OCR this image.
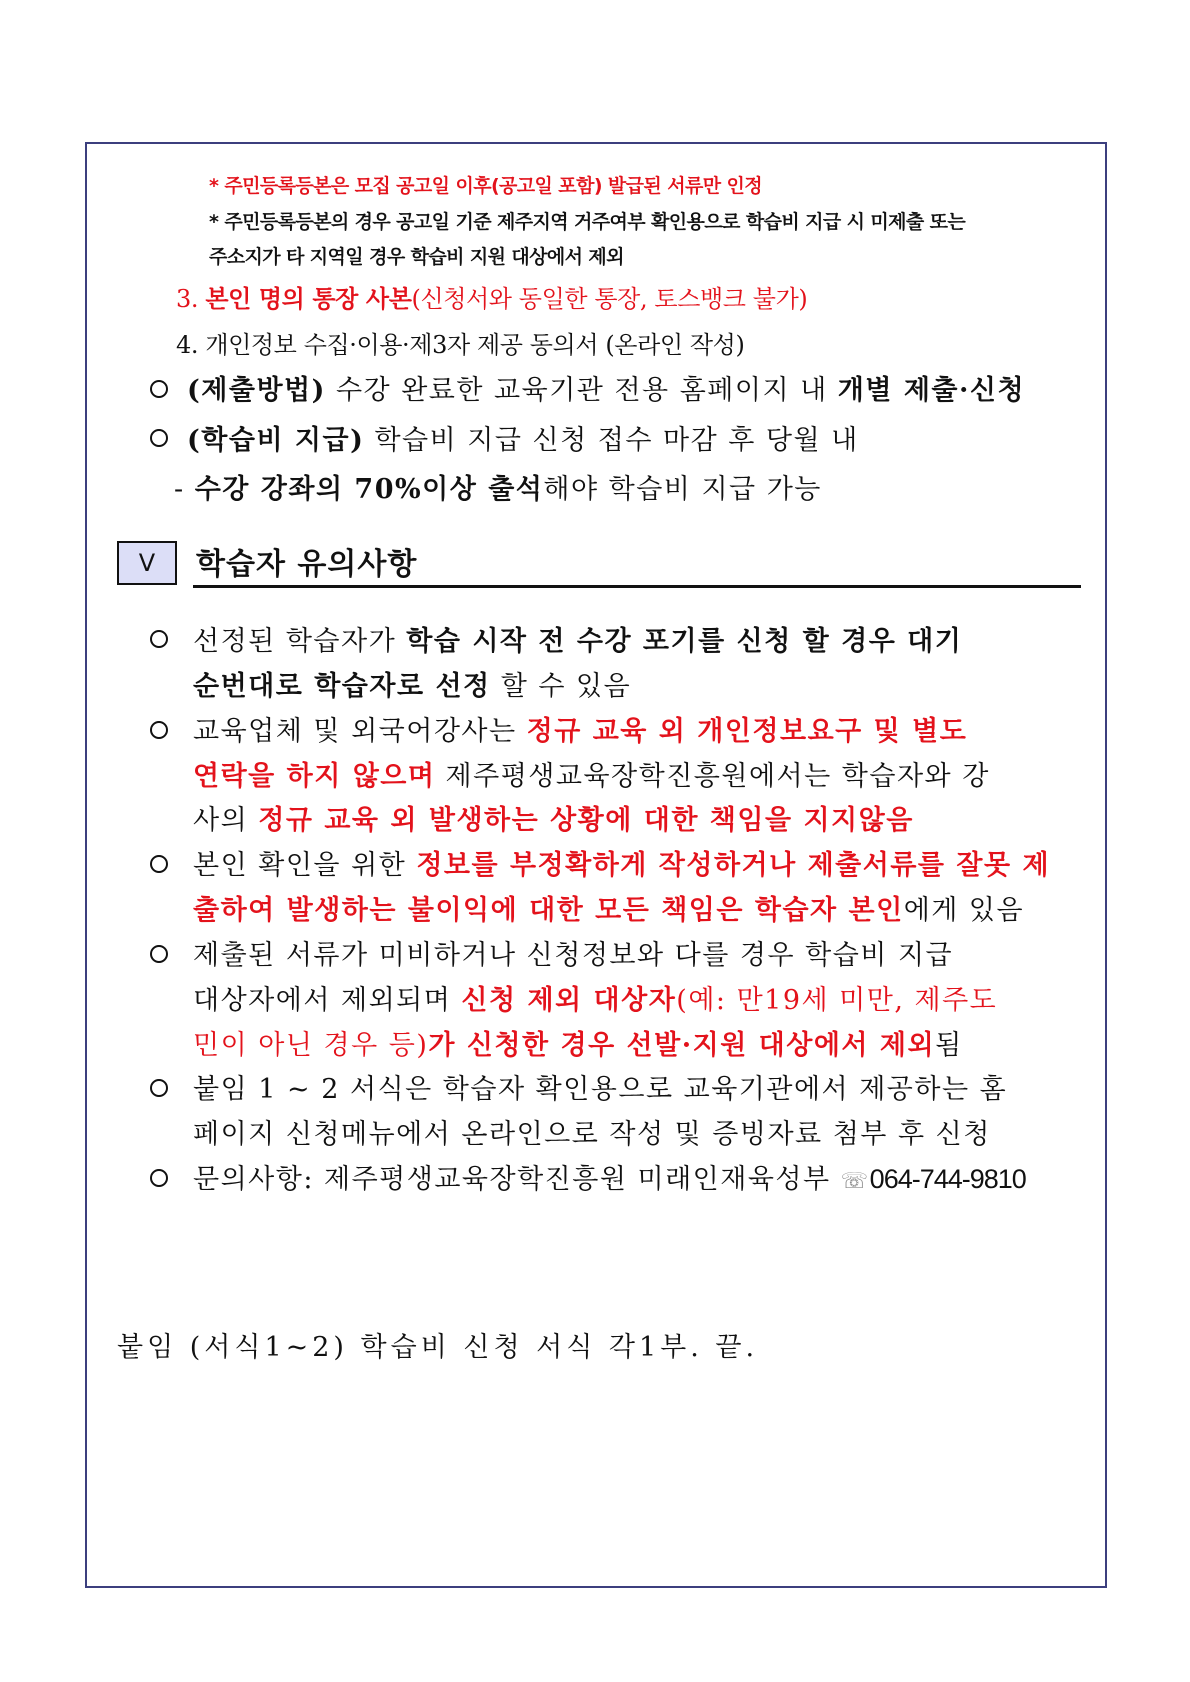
* 주민등록등본은 모집 공고일 이후(공고일 포함) 발급된 서류만 인정
* 주민등록등본의 경우 공고일 기준 제주지역 거주여부 확인용으로 학습비 지급 시 미제출 또는
주소지가 타 지역일 경우 학습비 지원 대상에서 제외
3. 본인 명의 통장 사본(신청서와 동일한 통장, 토스뱅크 불가)
4. 개인정보 수집·이용·제3자 제공 동의서 (온라인 작성)
(제출방법) 수강 완료한 교육기관 전용 홈페이지 내 개별 제출·신청
(학습비 지급) 학습비 지급 신청 접수 마감 후 당월 내
- 수강 강좌의 70%이상 출석해야 학습비 지급 가능
V	학습자 유의사항
선정된 학습자가 학습 시작 전 수강 포기를 신청 할 경우 대기
순번대로 학습자로 선정 할 수 있음
교육업체 및 외국어강사는 정규 교육 외 개인정보요구 및 별도
연락을 하지 않으며 제주평생교육장학진흥원에서는 학습자와 강
사의 정규 교육 외 발생하는 상황에 대한 책임을 지지않음
본인 확인을 위한 정보를 부정확하게 작성하거나 제출서류를 잘못 제
출하여 발생하는 불이익에 대한 모든 책임은 학습자 본인에게 있음
제출된 서류가 미비하거나 신청정보와 다를 경우 학습비 지급
대상자에서 제외되며 신청 제외 대상자(예: 만19세 미만, 제주도
민이 아닌 경우 등)가 신청한 경우 선발·지원 대상에서 제외됨
붙임 1 ~ 2 서식은 학습자 확인용으로 교육기관에서 제공하는 홈
페이지 신청메뉴에서 온라인으로 작성 및 증빙자료 첨부 후 신청
문의사항: 제주평생교육장학진흥원 미래인재육성부 ☏064-744-9810
붙임 (서식1~2) 학습비 신청 서식 각1부. 끝.
